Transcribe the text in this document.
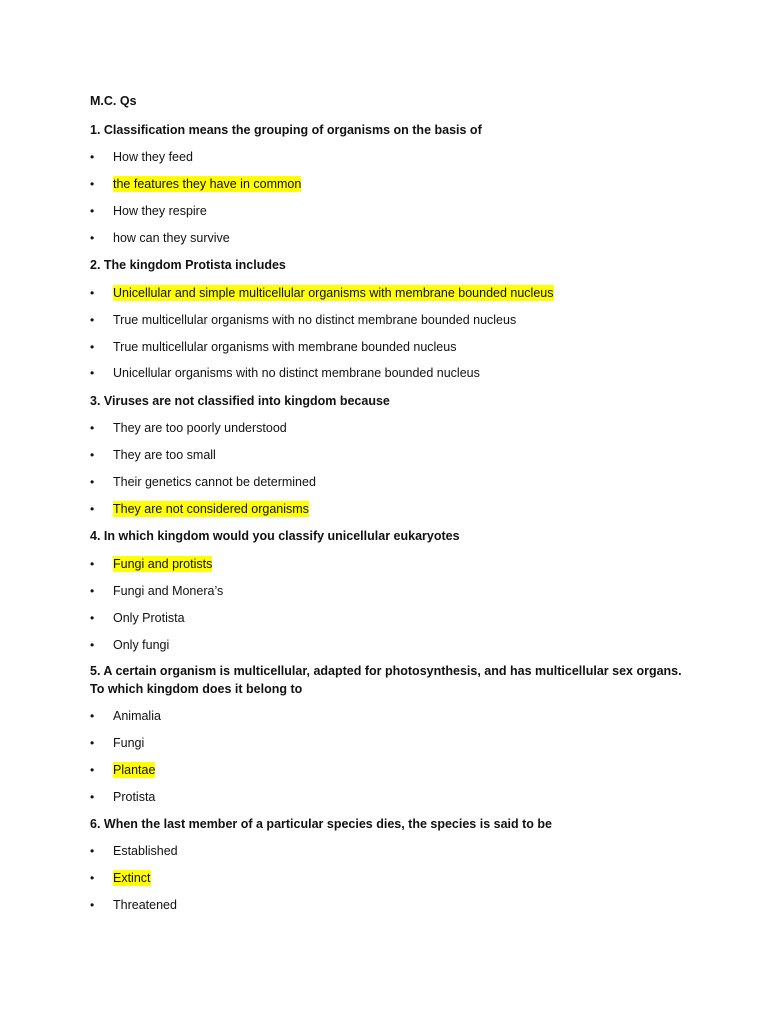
M.C. Qs
1. Classification means the grouping of organisms on the basis of
• How they feed
• the features they have in common
• How they respire
• how can they survive
2. The kingdom Protista includes
• Unicellular and simple multicellular organisms with membrane bounded nucleus
• True multicellular organisms with no distinct membrane bounded nucleus
• True multicellular organisms with membrane bounded nucleus
• Unicellular organisms with no distinct membrane bounded nucleus
3. Viruses are not classified into kingdom because
• They are too poorly understood
• They are too small
• Their genetics cannot be determined
• They are not considered organisms
4. In which kingdom would you classify unicellular eukaryotes
• Fungi and protists
• Fungi and Monera’s
• Only Protista
• Only fungi
5. A certain organism is multicellular, adapted for photosynthesis, and has multicellular sex organs. To which kingdom does it belong to
• Animalia
• Fungi
• Plantae
• Protista
6. When the last member of a particular species dies, the species is said to be
• Established
• Extinct
• Threatened
